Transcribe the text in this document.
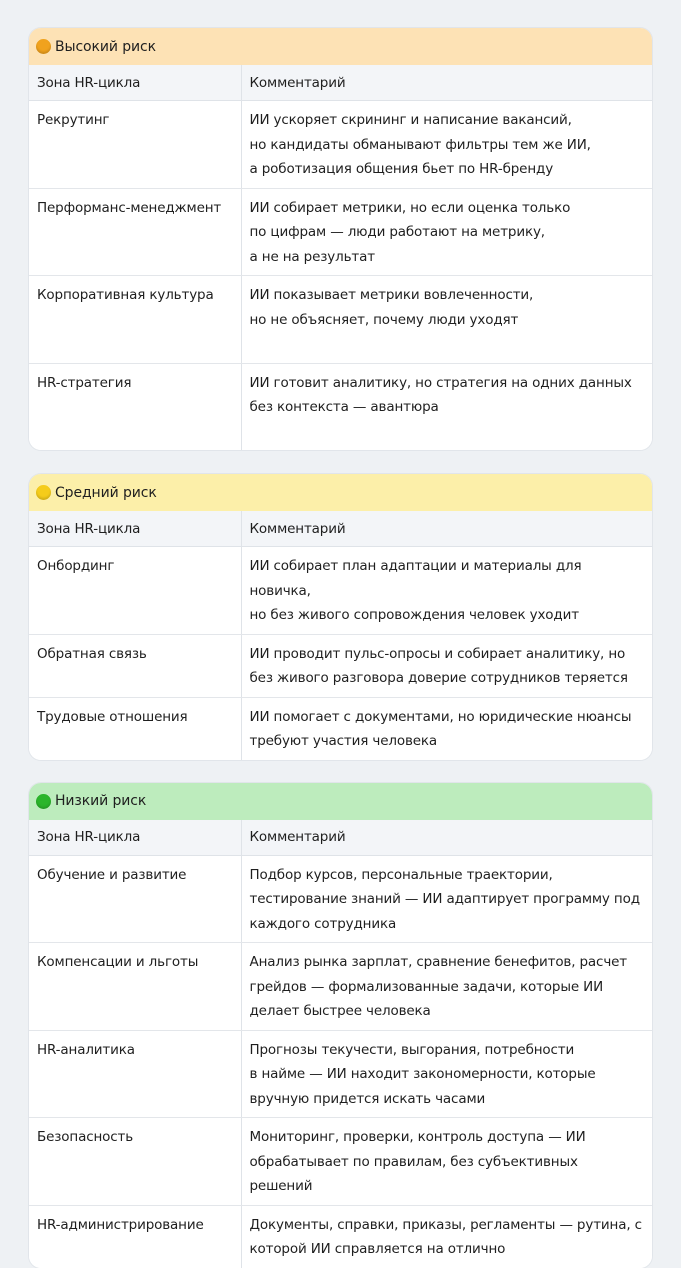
Высокий риск
Зона HR-цикла	Комментарий
Рекрутинг	ИИ ускоряет скрининг и написание вакансий,
но кандидаты обманывают фильтры тем же ИИ,
а роботизация общения бьет по HR-бренду

Перформанс-менеджмент	ИИ собирает метрики, но если оценка только
по цифрам — люди работают на метрику,
а не на результат

Корпоративная культура	ИИ показывает метрики вовлеченности,
но не объясняет, почему люди уходят

HR-стратегия	ИИ готовит аналитику, но стратегия на одних данных
без контекста — авантюра
Средний риск
Зона HR-цикла	Комментарий
Онбординг	ИИ собирает план адаптации и материалы для новичка,
но без живого сопровождения человек уходит

Обратная связь	ИИ проводит пульс-опросы и собирает аналитику, но
без живого разговора доверие сотрудников теряется

Трудовые отношения	ИИ помогает с документами, но юридические нюансы
требуют участия человека
Низкий риск
Зона HR-цикла	Комментарий
Обучение и развитие	Подбор курсов, персональные траектории,
тестирование знаний — ИИ адаптирует программу под
каждого сотрудника

Компенсации и льготы	Анализ рынка зарплат, сравнение бенефитов, расчет
грейдов — формализованные задачи, которые ИИ
делает быстрее человека

HR-аналитика	Прогнозы текучести, выгорания, потребности
в найме — ИИ находит закономерности, которые
вручную придется искать часами

Безопасность	Мониторинг, проверки, контроль доступа — ИИ
обрабатывает по правилам, без субъективных решений

HR-администрирование	Документы, справки, приказы, регламенты — рутина, с
которой ИИ справляется на отлично
